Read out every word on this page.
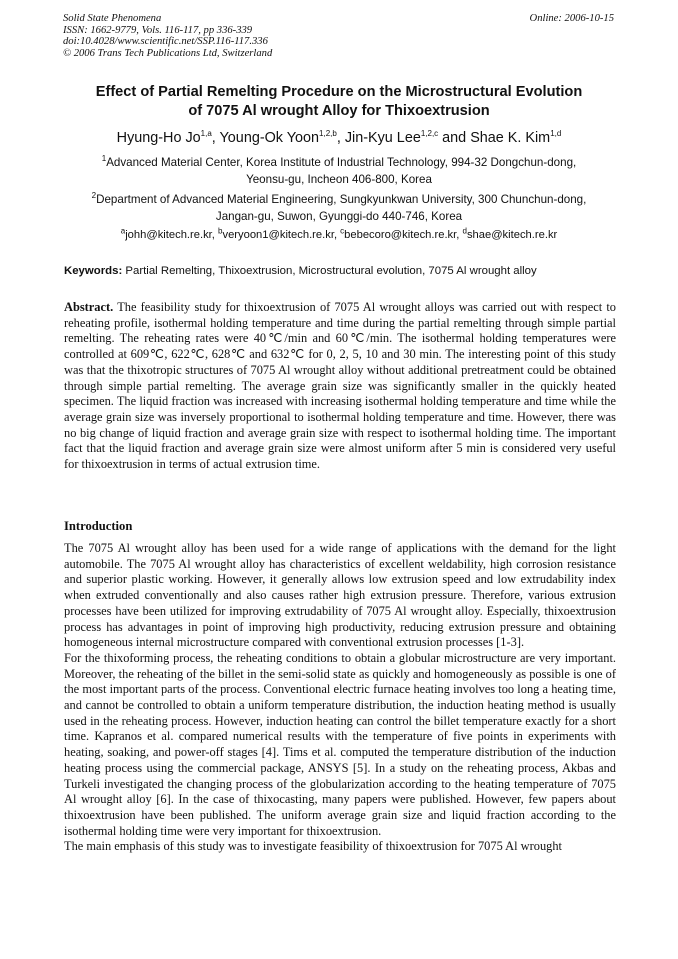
Solid State Phenomena
ISSN: 1662-9779, Vols. 116-117, pp 336-339
doi:10.4028/www.scientific.net/SSP.116-117.336
© 2006 Trans Tech Publications Ltd, Switzerland
Online: 2006-10-15
Effect of Partial Remelting Procedure on the Microstructural Evolution
of 7075 Al wrought Alloy for Thixoextrusion
Hyung-Ho Jo$^{1,a}$, Young-Ok Yoon$^{1,2,b}$, Jin-Kyu Lee$^{1,2,c}$ and Shae K. Kim$^{1,d}$
$^1$Advanced Material Center, Korea Institute of Industrial Technology, 994-32 Dongchun-dong,
Yeonsu-gu, Incheon 406-800, Korea
$^2$Department of Advanced Material Engineering, Sungkyunkwan University, 300 Chunchun-dong,
Jangan-gu, Suwon, Gyunggi-do 440-746, Korea
$^a$johh@kitech.re.kr, $^b$veryoon1@kitech.re.kr, $^c$bebecoro@kitech.re.kr, $^d$shae@kitech.re.kr
Keywords: Partial Remelting, Thixoextrusion, Microstructural evolution, 7075 Al wrought alloy
Abstract. The feasibility study for thixoextrusion of 7075 Al wrought alloys was carried out with respect to reheating profile, isothermal holding temperature and time during the partial remelting through simple partial remelting. The reheating rates were 40℃/min and 60℃/min. The isothermal holding temperatures were controlled at 609℃, 622℃, 628℃ and 632℃ for 0, 2, 5, 10 and 30 min. The interesting point of this study was that the thixotropic structures of 7075 Al wrought alloy without additional pretreatment could be obtained through simple partial remelting. The average grain size was significantly smaller in the quickly heated specimen. The liquid fraction was increased with increasing isothermal holding temperature and time while the average grain size was inversely proportional to isothermal holding temperature and time. However, there was no big change of liquid fraction and average grain size with respect to isothermal holding time. The important fact that the liquid fraction and average grain size were almost uniform after 5 min is considered very useful for thixoextrusion in terms of actual extrusion time.
Introduction

The 7075 Al wrought alloy has been used for a wide range of applications with the demand for the light automobile. The 7075 Al wrought alloy has characteristics of excellent weldability, high corrosion resistance and superior plastic working. However, it generally allows low extrusion speed and low extrudability index when extruded conventionally and also causes rather high extrusion pressure. Therefore, various extrusion processes have been utilized for improving extrudability of 7075 Al wrought alloy. Especially, thixoextrusion process has advantages in point of improving high productivity, reducing extrusion pressure and obtaining homogeneous internal microstructure compared with conventional extrusion processes [1-3].

For the thixoforming process, the reheating conditions to obtain a globular microstructure are very important. Moreover, the reheating of the billet in the semi-solid state as quickly and homogeneously as possible is one of the most important parts of the process. Conventional electric furnace heating involves too long a heating time, and cannot be controlled to obtain a uniform temperature distribution, the induction heating method is usually used in the reheating process. However, induction heating can control the billet temperature exactly for a short time. Kapranos et al. compared numerical results with the temperature of five points in experiments with heating, soaking, and power-off stages [4]. Tims et al. computed the temperature distribution of the induction heating process using the commercial package, ANSYS [5]. In a study on the reheating process, Akbas and Turkeli investigated the changing process of the globularization according to the heating temperature of 7075 Al wrought alloy [6]. In the case of thixocasting, many papers were published. However, few papers about thixoextrusion have been published. The uniform average grain size and liquid fraction according to the isothermal holding time were very important for thixoextrusion.

The main emphasis of this study was to investigate feasibility of thixoextrusion for 7075 Al wrought
